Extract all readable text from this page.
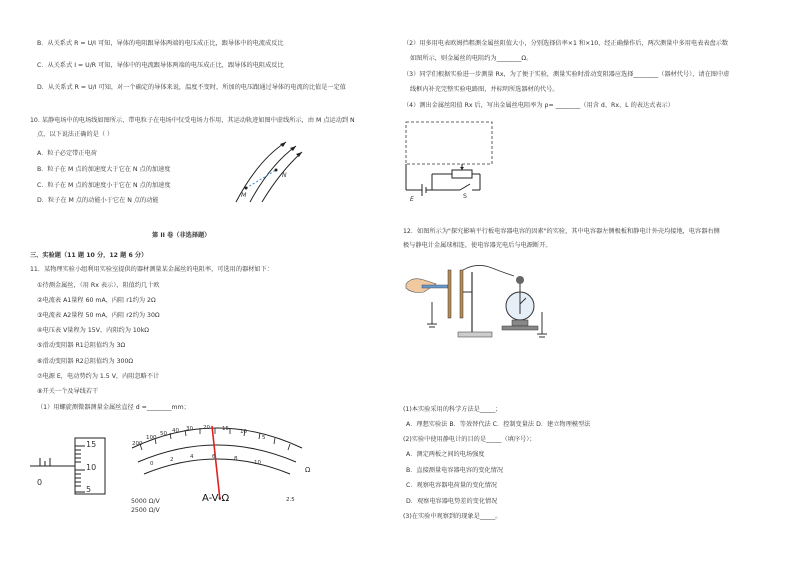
B．从关系式 R = U/I 可知，导体的电阻跟导体两端的电压成正比，跟导体中的电流成反比
C．从关系式 I = U/R 可知，导体中的电流跟导体两端的电压成正比，跟导体的电阻成反比
D．从关系式 R = U/I 可知，对一个确定的导体来说，温度不变时，所加的电压跟通过导体的电流的比值是一定值
10. 某静电场中的电场线如图所示，带电粒子在电场中仅受电场力作用，其运动轨迹如图中虚线所示，由 M 点运动到 N
点，以下说法正确的是（ ）
A．粒子必定带正电荷
B．粒子在 M 点的加速度大于它在 N 点的加速度
C．粒子在 M 点的加速度小于它在 N 点的加速度
D．粒子在 M 点的动能小于它在 N 点的动能
M
N
第 II 卷（非选择题）
三、实验题（11 题 10 分，12 题 6 分）
11．某物理实验小组利用实验室提供的器材测量某金属丝的电阻率，可选用的器材如下：
①待测金属丝，（用 Rx 表示），阻值约几十欧
②电流表 A1量程 60 mA，内阻 r1约为 2Ω
③电流表 A2量程 50 mA，内阻 r2约为 30Ω
④电压表 V量程为 15V，内阻约为 10kΩ
⑤滑动变阻器 R1总阻值约为 3Ω
⑥滑动变阻器 R2总阻值约为 300Ω
⑦电源 E，电动势约为 1.5 V，内阻忽略不计
⑧开关一个及导线若干
（1）用螺旋测微器测量金属丝直径 d =________mm；
15
10
5
0
200
100
50 40 30 20 15 10
5
0
2	4	6	8
10
Ω
2.5
5000 Ω/V
2500 Ω/V
A-V-Ω
（2）用多用电表欧姆挡粗测金属丝阻值大小，分别选择倍率×1 和×10，经正确操作后，两次测量中多用电表表盘示数
如图所示，则金属丝的电阻约为________Ω。
（3）同学们根据实验进一步测量 Rx，为了便于实验，测量实验时滑动变阻器应选择________（器材代号），请在图中虚
线框内补充完整实验电路图，并标明所选器材的代号。
（4）测出金属丝阻值 Rx 后，写出金属丝电阻率为 ρ= ________（用含 d、Rx、L 的表达式表示）
E	S
12．如图所示为"探究影响平行板电容器电容的因素"的实验，其中电容器左侧极板和静电计外壳均接地，电容器右侧
极与静电计金属球相连，使电容器充电后与电源断开。
(1)本实验采用的科学方法是_____；
A．理想实验法 B．等效替代法 C．控制变量法 D．建立物理模型法
(2)实验中使用静电计的目的是_____（填序号）；
A．测定两板之间的电场强度
B．直接测量电容器电容的变化情况
C．观察电容器电荷量的变化情况
D．观察电容器电势差的变化情况
(3)在实验中观察到的现象是_____。
